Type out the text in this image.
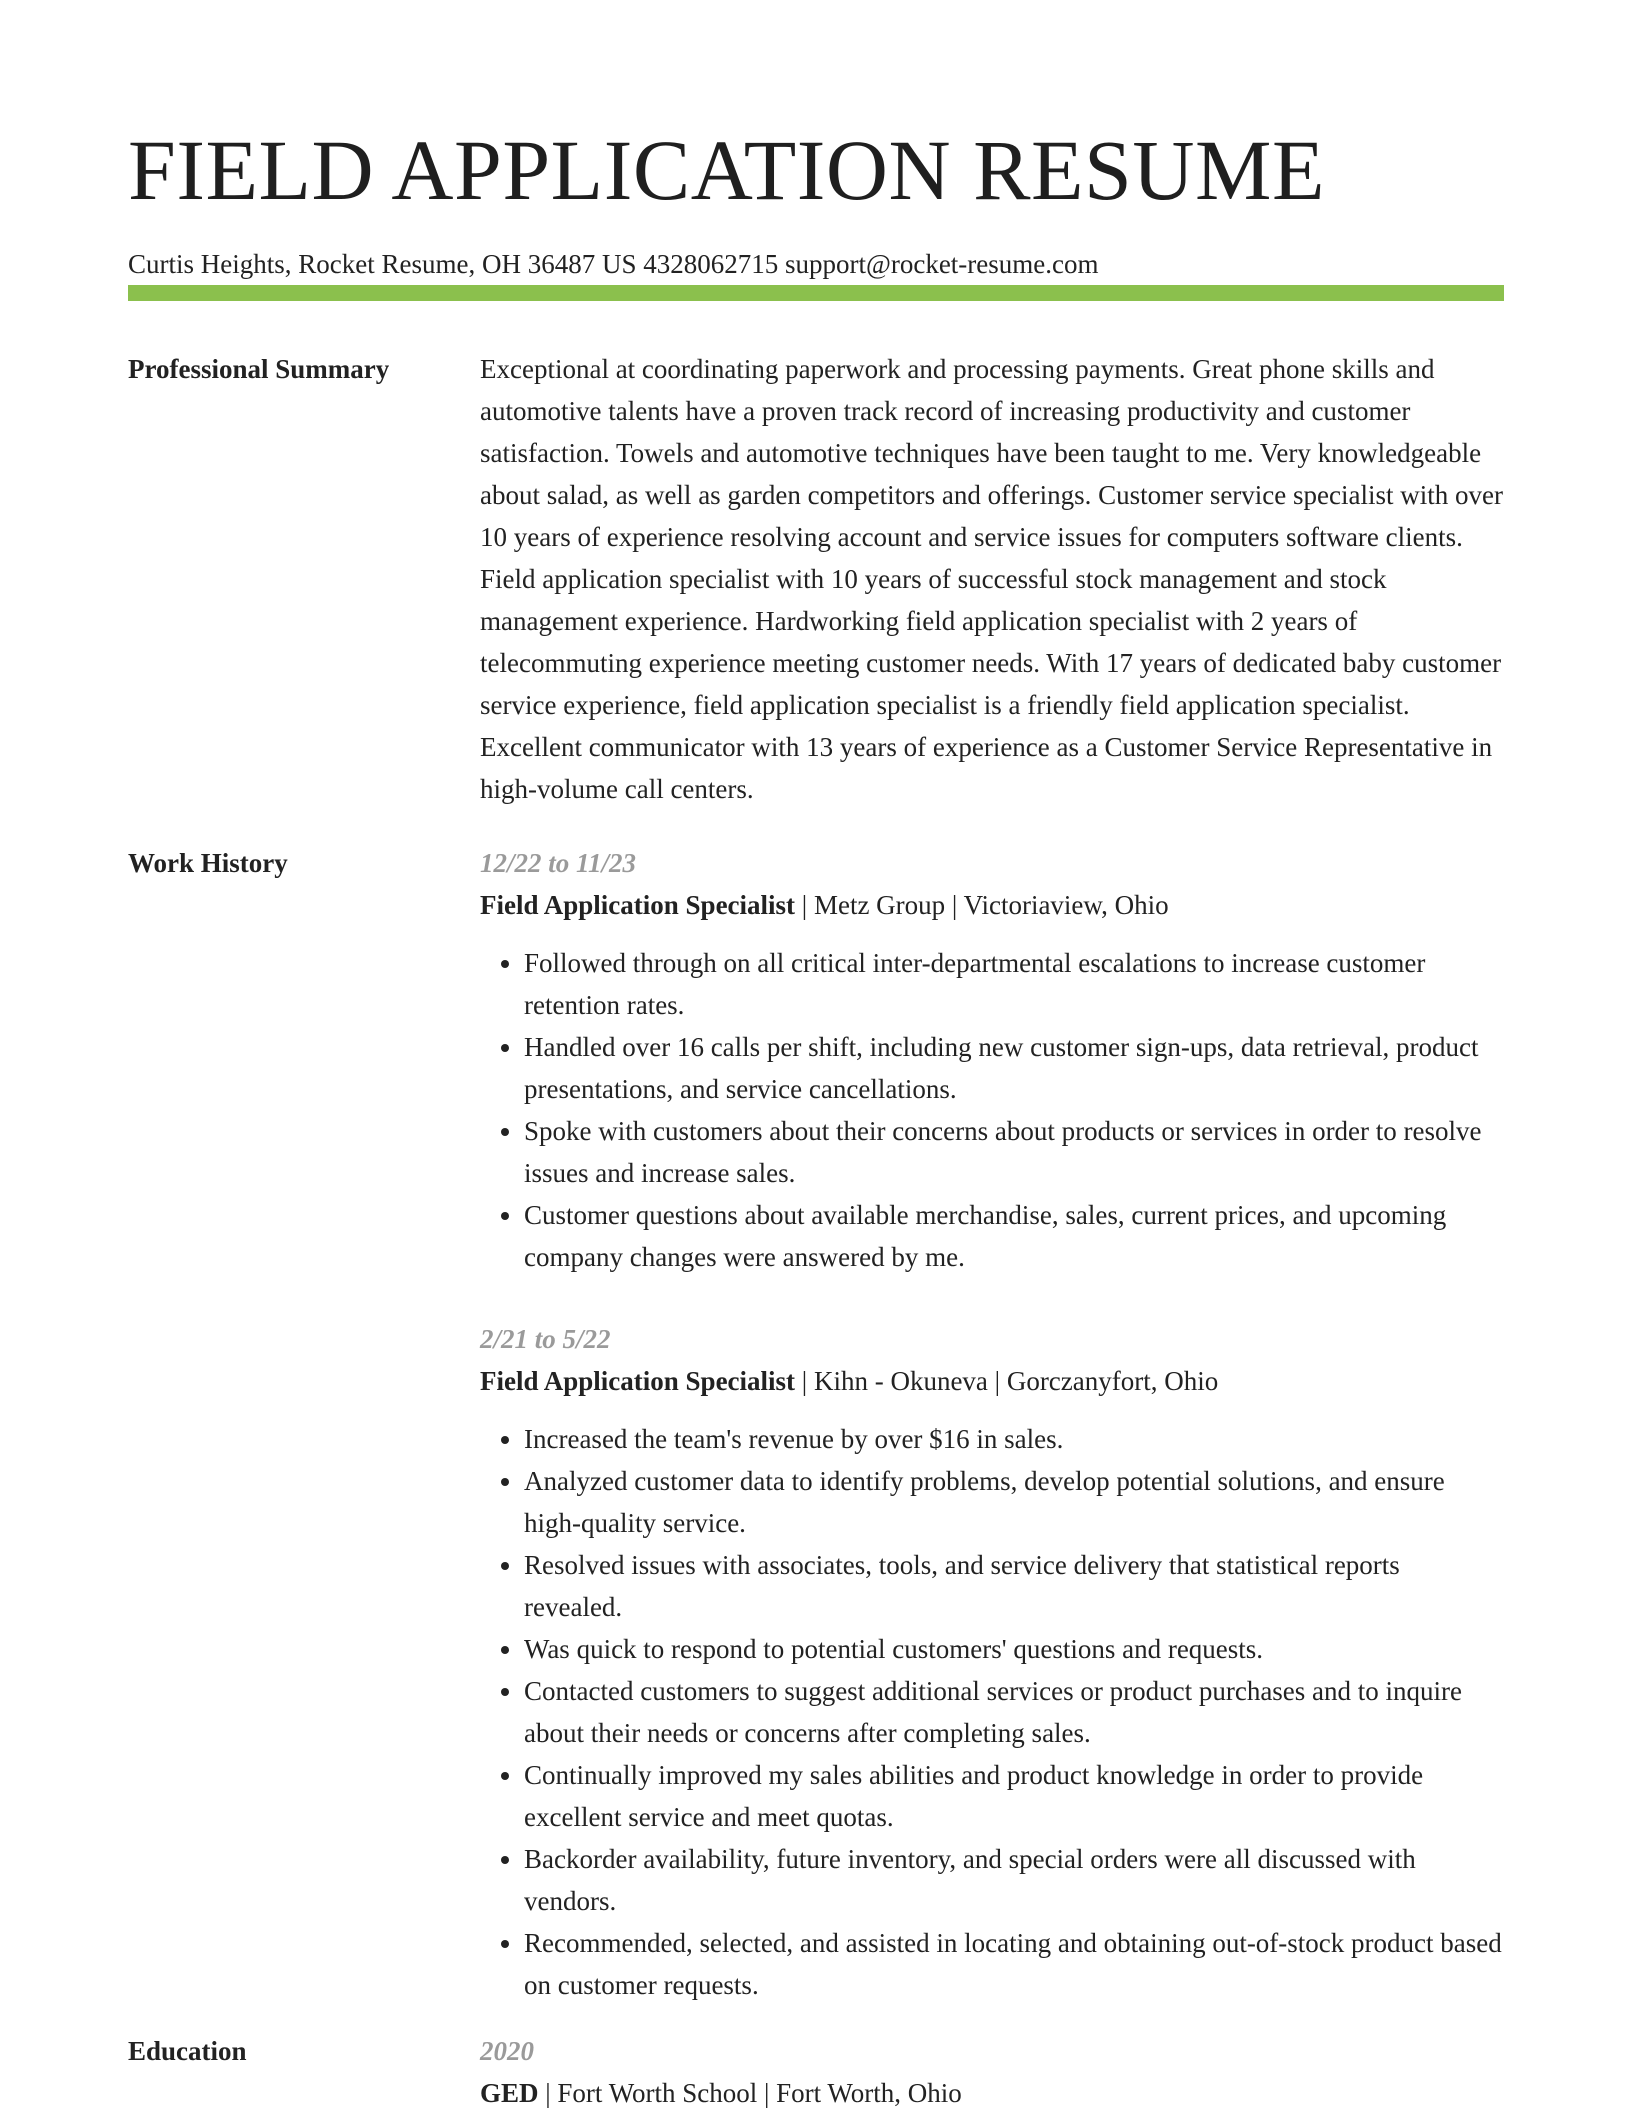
FIELD APPLICATION RESUME
Curtis Heights, Rocket Resume, OH 36487 US 4328062715 support@rocket-resume.com
Professional Summary	Exceptional at coordinating paperwork and processing payments. Great phone skills and automotive talents have a proven track record of increasing productivity and customer satisfaction. Towels and automotive techniques have been taught to me. Very knowledgeable about salad, as well as garden competitors and offerings. Customer service specialist with over 10 years of experience resolving account and service issues for computers software clients. Field application specialist with 10 years of successful stock management and stock management experience. Hardworking field application specialist with 2 years of telecommuting experience meeting customer needs. With 17 years of dedicated baby customer service experience, field application specialist is a friendly field application specialist. Excellent communicator with 13 years of experience as a Customer Service Representative in high-volume call centers.

Work History	12/22 to 11/23
Field Application Specialist | Metz Group | Victoriaview, Ohio
• Followed through on all critical inter-departmental escalations to increase customer retention rates.
• Handled over 16 calls per shift, including new customer sign-ups, data retrieval, product presentations, and service cancellations.
• Spoke with customers about their concerns about products or services in order to resolve issues and increase sales.
• Customer questions about available merchandise, sales, current prices, and upcoming company changes were answered by me.
2/21 to 5/22
Field Application Specialist | Kihn - Okuneva | Gorczanyfort, Ohio
• Increased the team's revenue by over $16 in sales.
• Analyzed customer data to identify problems, develop potential solutions, and ensure high-quality service.
• Resolved issues with associates, tools, and service delivery that statistical reports revealed.
• Was quick to respond to potential customers' questions and requests.
• Contacted customers to suggest additional services or product purchases and to inquire about their needs or concerns after completing sales.
• Continually improved my sales abilities and product knowledge in order to provide excellent service and meet quotas.
• Backorder availability, future inventory, and special orders were all discussed with vendors.
• Recommended, selected, and assisted in locating and obtaining out-of-stock product based on customer requests.
Education	2020
GED | Fort Worth School | Fort Worth, Ohio
